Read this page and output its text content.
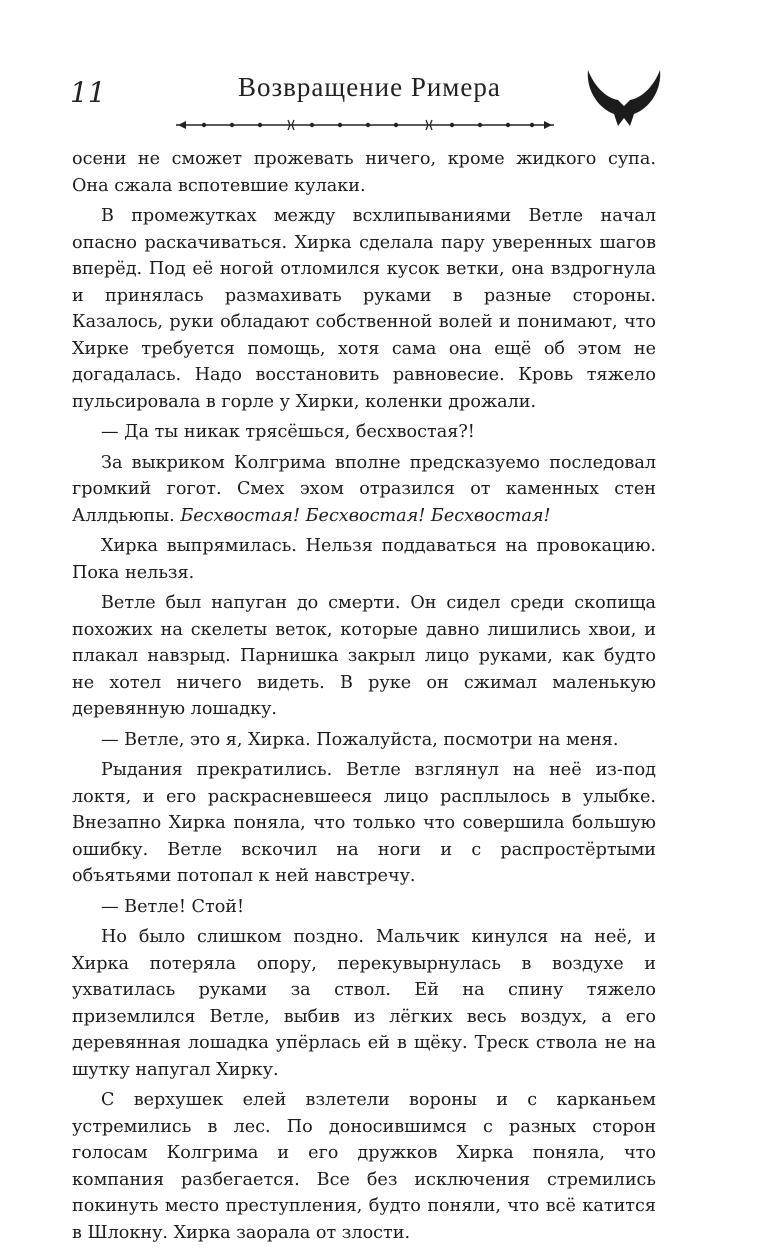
11	Возвращение Римера

осени не сможет прожевать ничего, кроме жидкого супа. Она сжала вспотевшие кулаки.

В промежутках между всхлипываниями Ветле начал опасно раскачиваться. Хирка сделала пару уверенных шагов вперёд. Под её ногой отломился кусок ветки, она вздрогнула и принялась размахивать руками в разные стороны. Казалось, руки обладают собственной волей и понимают, что Хирке требуется помощь, хотя сама она ещё об этом не догадалась. Надо восстановить равновесие. Кровь тяжело пульсировала в горле у Хирки, коленки дрожали.

— Да ты никак трясёшься, бесхвостая?!

За выкриком Колгрима вполне предсказуемо последовал громкий гогот. Смех эхом отразился от каменных стен Аллдьюпы. Бесхвостая! Бесхвостая! Бесхвостая!

Хирка выпрямилась. Нельзя поддаваться на провокацию. Пока нельзя.

Ветле был напуган до смерти. Он сидел среди скопища похожих на скелеты веток, которые давно лишились хвои, и плакал навзрыд. Парнишка закрыл лицо руками, как будто не хотел ничего видеть. В руке он сжимал маленькую деревянную лошадку.

— Ветле, это я, Хирка. Пожалуйста, посмотри на меня.

Рыдания прекратились. Ветле взглянул на неё из-под локтя, и его раскрасневшееся лицо расплылось в улыбке. Внезапно Хирка поняла, что только что совершила большую ошибку. Ветле вскочил на ноги и с распростёртыми объятьями потопал к ней навстречу.

— Ветле! Стой!

Но было слишком поздно. Мальчик кинулся на неё, и Хирка потеряла опору, перекувырнулась в воздухе и ухватилась руками за ствол. Ей на спину тяжело приземлился Ветле, выбив из лёгких весь воздух, а его деревянная лошадка упёрлась ей в щёку. Треск ствола не на шутку напугал Хирку.

С верхушек елей взлетели вороны и с карканьем устремились в лес. По доносившимся с разных сторон голосам Колгрима и его дружков Хирка поняла, что компания разбегается. Все без исключения стремились покинуть место преступления, будто поняли, что всё катится в Шлокну. Хирка заорала от злости.
